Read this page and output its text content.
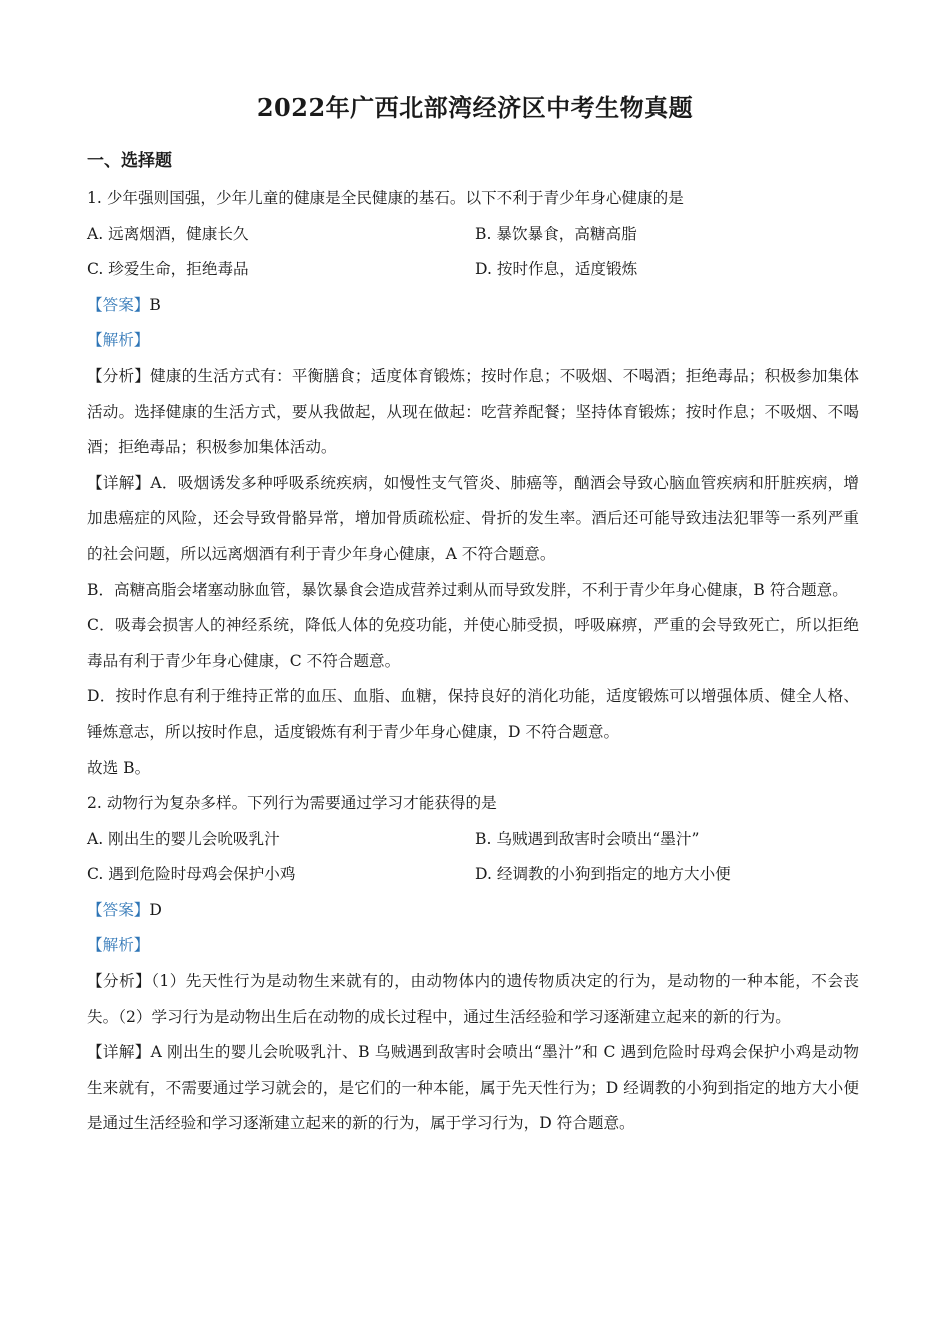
2022年广西北部湾经济区中考生物真题
一、选择题

1. 少年强则国强，少年儿童的健康是全民健康的基石。以下不利于青少年身心健康的是

A. 远离烟酒，健康长久	B. 暴饮暴食，高糖高脂
C. 珍爱生命，拒绝毒品	D. 按时作息，适度锻炼

【答案】B

【解析】

【分析】健康的生活方式有：平衡膳食；适度体育锻炼；按时作息；不吸烟、不喝酒；拒绝毒品；积极参加集体活动。选择健康的生活方式，要从我做起，从现在做起：吃营养配餐；坚持体育锻炼；按时作息；不吸烟、不喝酒；拒绝毒品；积极参加集体活动。

【详解】A．吸烟诱发多种呼吸系统疾病，如慢性支气管炎、肺癌等，酗酒会导致心脑血管疾病和肝脏疾病，增加患癌症的风险，还会导致骨骼异常，增加骨质疏松症、骨折的发生率。酒后还可能导致违法犯罪等一系列严重的社会问题，所以远离烟酒有利于青少年身心健康，A 不符合题意。

B．高糖高脂会堵塞动脉血管，暴饮暴食会造成营养过剩从而导致发胖，不利于青少年身心健康，B 符合题意。

C．吸毒会损害人的神经系统，降低人体的免疫功能，并使心肺受损，呼吸麻痹，严重的会导致死亡，所以拒绝毒品有利于青少年身心健康，C 不符合题意。

D．按时作息有利于维持正常的血压、血脂、血糖，保持良好的消化功能，适度锻炼可以增强体质、健全人格、锤炼意志，所以按时作息，适度锻炼有利于青少年身心健康，D 不符合题意。

故选 B。

2. 动物行为复杂多样。下列行为需要通过学习才能获得的是

A. 刚出生的婴儿会吮吸乳汁	B. 乌贼遇到敌害时会喷出“墨汁”
C. 遇到危险时母鸡会保护小鸡	D. 经调教的小狗到指定的地方大小便

【答案】D

【解析】

【分析】（1）先天性行为是动物生来就有的，由动物体内的遗传物质决定的行为，是动物的一种本能，不会丧失。（2）学习行为是动物出生后在动物的成长过程中，通过生活经验和学习逐渐建立起来的新的行为。

【详解】A 刚出生的婴儿会吮吸乳汁、B 乌贼遇到敌害时会喷出“墨汁”和 C 遇到危险时母鸡会保护小鸡是动物生来就有，不需要通过学习就会的，是它们的一种本能，属于先天性行为；D 经调教的小狗到指定的地方大小便是通过生活经验和学习逐渐建立起来的新的行为，属于学习行为，D 符合题意。
